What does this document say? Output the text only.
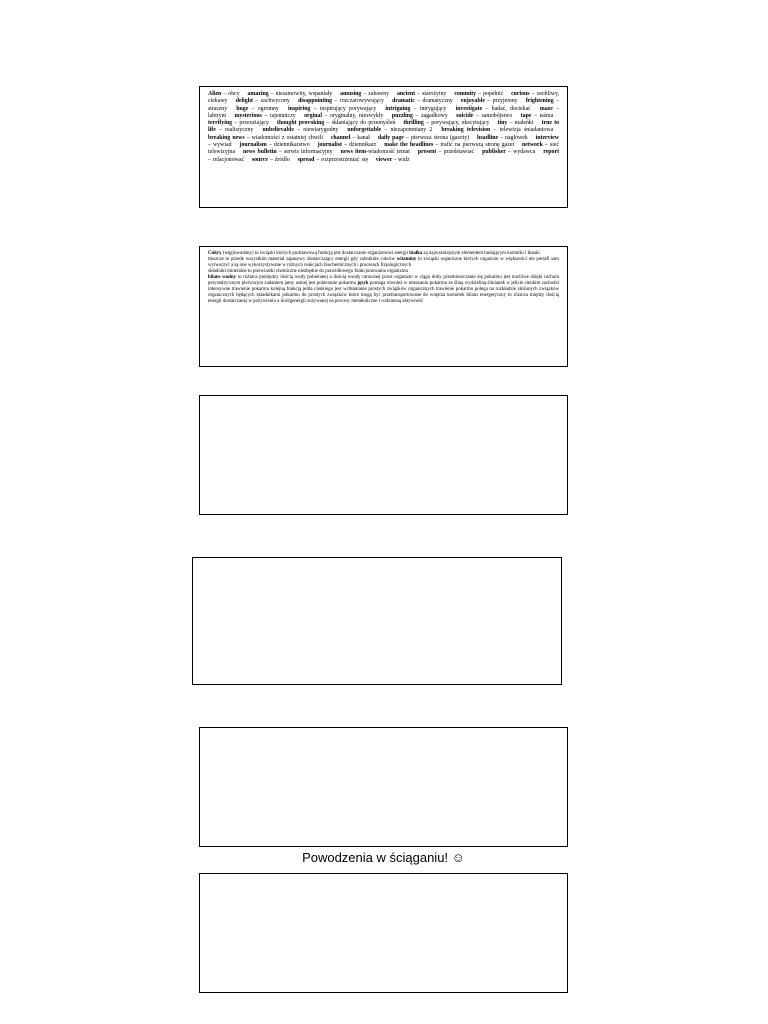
Alien – obcy  amazing – niesamowity, wspaniały  amusing – zabawny  ancient – starożytny  commity – popełnić  curious – osobliwy, ciekawy  delight – zachwycony  disappointing – rozczarowywujący  dramatic – dramatyczny  enjoyable – przyjemny  frightening – straszny  huge – ogromny  inspiring – inspirujący porywający  intriguing – intrygujący  investigate – badać, dociekać  maze – labirynt  mysterious – tajemniczy  orginal – oryginalny, niezwykły  puzzling – zagadkowy  suicide – samobójstwo  tape – taśma  terrifying – przerażający  thought provoking – skłaniający do przemyśleń  thrilling – porywający, ekscytujący  tiny – maleńki  true to life – realistyczny  unbelievable – niewiarygodny  unforgettable – niezapomniany 2  breaking television – telewizja śniadaniowa  breaking news – wiadomości z ostatniej chwili  channel – kanał  daily page – pierwsza strona (gazety)  headline – nagłówek  interview – wywiad  journalism – dziennikarstwo  journalist – dziennikarz  make the headlines – trafić na pierwszą stronę gazet  network – sieć telewizyjna  news bulletin – serwis informacyjny  news item-wiadomość temat  present – przedstawiać  publisher – wydawca  report – relacjonować  source – źródło  spread – rozprzestrzeniać się  viewer - widz 

Cukry (węglowodany) to związki których podstawową funkcją jest dostarczanie organizmowi energii białka są najważniejszym elementem budującym komórki i tkanki
tłuszcze to przede wszystkim materiał zapasowy dostarczający energii gdy zabraknie cukrów witaminy to związki organiczne których organizm w większości nie potrafi sam wytworzyć a są one wykorzystywane w różnych reakcjach biochemicznych i procesach fizjologicznych
składniki mineralne to pierwiastki chemiczne niezbędne do prawidłowego funkcjonowania organizmu
bilans wodny to różnica pomiędzy ilością wody pobieranej a ilością wsody utraconej przez organizm w ciągu doby przemieszczanie się pokarmu jest możliwe dzięki ruchom perystaltycznym pierwszym zadaniem jamy ustnej jest pobieranie pokarmu język pomaga również w mieszaniu pokarmu ze śliną wydzieliną ślinianek w jelicie cienkim zachodzi intensywne trawienie pokarmu kolejną funkcją jelita cienkiego jest wchłanianie prostych związków organicznych trawienie pokarmu polega na rozkładzie złożonych związków organicznych będących składnikami pokarmu do prostych związków które mogą być przetransportowane do wnętrza komórek bilans energetyczny to różnica między ilością energii dostarczanej w pożywieniu a ilośćgenergii zużywanej na procesy metaboliczne i codzienną aktywność

Powodzenia w ściąganiu! ☺
